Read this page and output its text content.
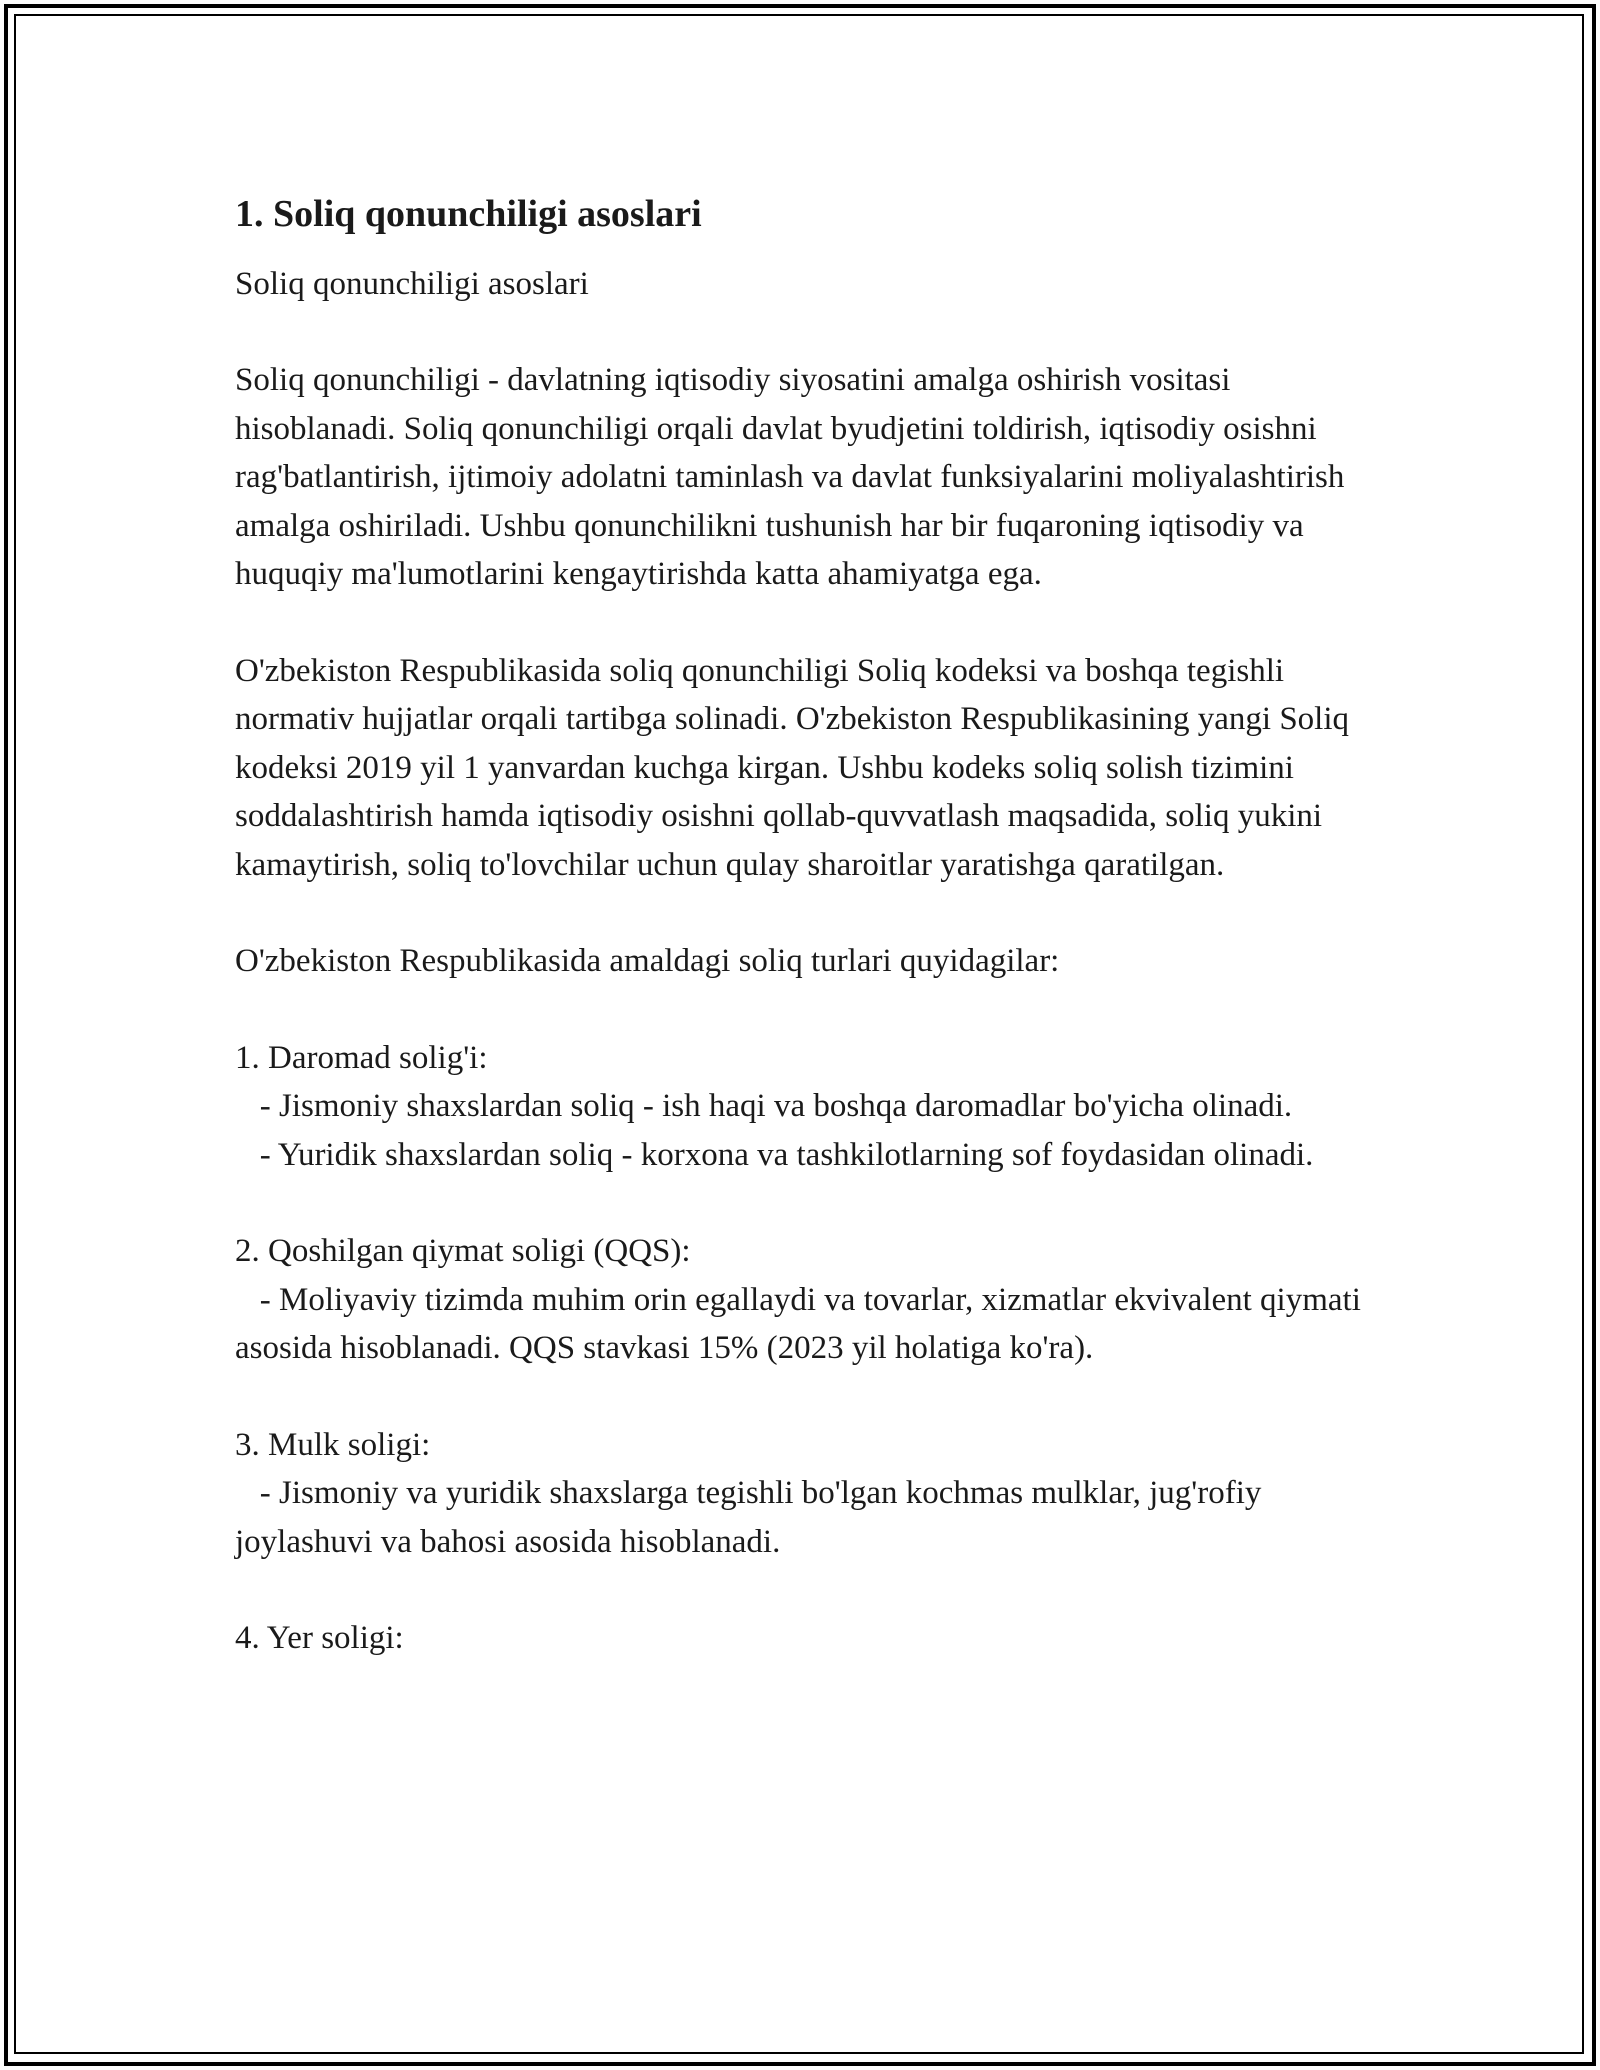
1. Soliq qonunchiligi asoslari

Soliq qonunchiligi asoslari

Soliq qonunchiligi - davlatning iqtisodiy siyosatini amalga oshirish vositasi hisoblanadi. Soliq qonunchiligi orqali davlat byudjetini toldirish, iqtisodiy osishni rag'batlantirish, ijtimoiy adolatni taminlash va davlat funksiyalarini moliyalashtirish amalga oshiriladi. Ushbu qonunchilikni tushunish har bir fuqaroning iqtisodiy va huquqiy ma'lumotlarini kengaytirishda katta ahamiyatga ega.

O'zbekiston Respublikasida soliq qonunchiligi Soliq kodeksi va boshqa tegishli normativ hujjatlar orqali tartibga solinadi. O'zbekiston Respublikasining yangi Soliq kodeksi 2019 yil 1 yanvardan kuchga kirgan. Ushbu kodeks soliq solish tizimini soddalashtirish hamda iqtisodiy osishni qollab-quvvatlash maqsadida, soliq yukini kamaytirish, soliq to'lovchilar uchun qulay sharoitlar yaratishga qaratilgan.

O'zbekiston Respublikasida amaldagi soliq turlari quyidagilar:

1. Daromad solig'i:
- Jismoniy shaxslardan soliq - ish haqi va boshqa daromadlar bo'yicha olinadi.
- Yuridik shaxslardan soliq - korxona va tashkilotlarning sof foydasidan olinadi.
2. Qoshilgan qiymat soligi (QQS):
- Moliyaviy tizimda muhim orin egallaydi va tovarlar, xizmatlar ekvivalent qiymati asosida hisoblanadi. QQS stavkasi 15% (2023 yil holatiga ko'ra).
3. Mulk soligi:
- Jismoniy va yuridik shaxslarga tegishli bo'lgan kochmas mulklar, jug'rofiy joylashuvi va bahosi asosida hisoblanadi.
4. Yer soligi:
